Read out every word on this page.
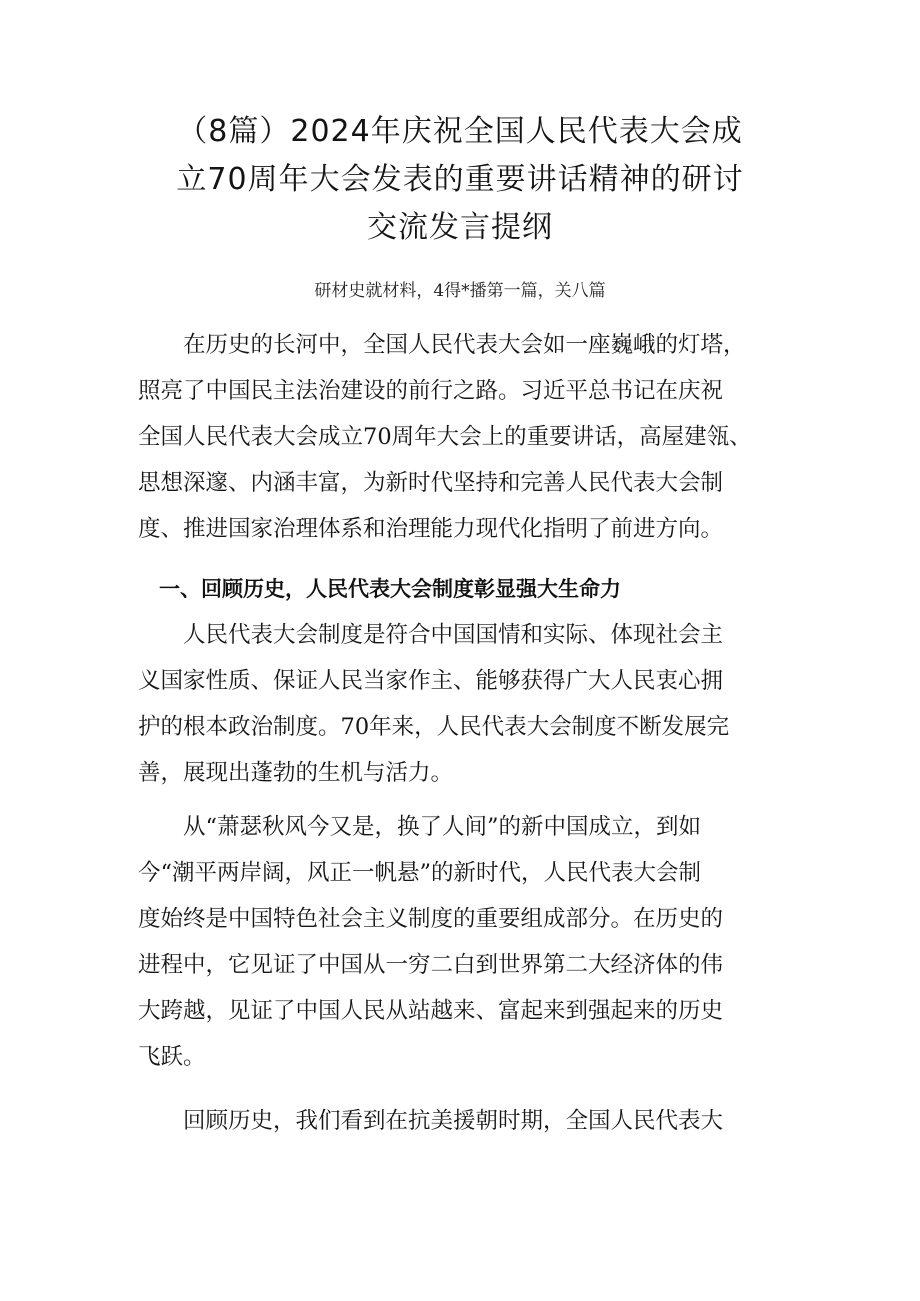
（8篇）2024年庆祝全国人民代表大会成
立70周年大会发表的重要讲话精神的研讨
交流发言提纲
研材史就材料，4得*播第一篇，关八篇

　　在历史的长河中，全国人民代表大会如一座巍峨的灯塔，
照亮了中国民主法治建设的前行之路。习近平总书记在庆祝
全国人民代表大会成立70周年大会上的重要讲话，高屋建瓴、
思想深邃、内涵丰富，为新时代坚持和完善人民代表大会制
度、推进国家治理体系和治理能力现代化指明了前进方向。

　一、回顾历史，人民代表大会制度彰显强大生命力

　　人民代表大会制度是符合中国国情和实际、体现社会主
义国家性质、保证人民当家作主、能够获得广大人民衷心拥
护的根本政治制度。70年来，人民代表大会制度不断发展完
善，展现出蓬勃的生机与活力。

　　从“萧瑟秋风今又是，换了人间”的新中国成立，到如
今“潮平两岸阔，风正一帆悬”的新时代，人民代表大会制
度始终是中国特色社会主义制度的重要组成部分。在历史的
进程中，它见证了中国从一穷二白到世界第二大经济体的伟
大跨越，见证了中国人民从站越来、富起来到强起来的历史
飞跃。

　　回顾历史，我们看到在抗美援朝时期，全国人民代表大
